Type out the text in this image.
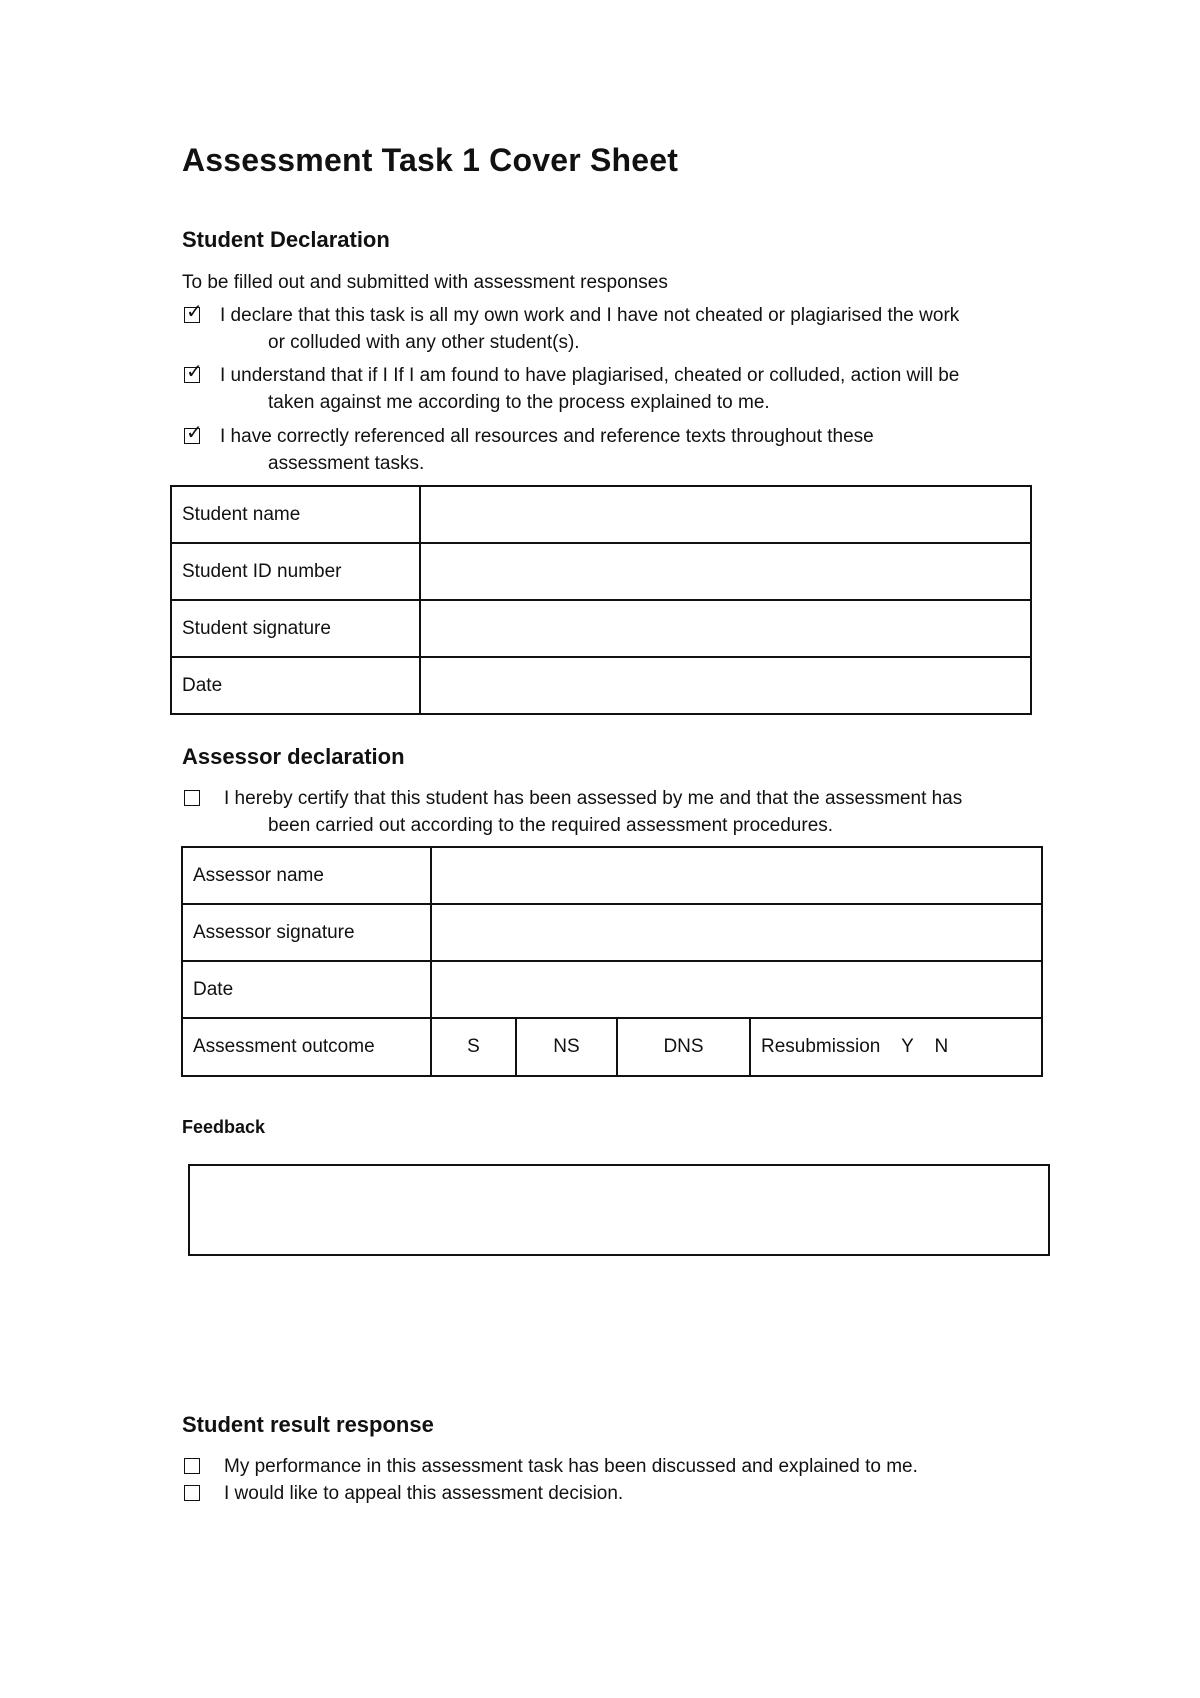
Assessment Task 1 Cover Sheet
Student Declaration
To be filled out and submitted with assessment responses
✓ I declare that this task is all my own work and I have not cheated or plagiarised the work
or colluded with any other student(s).
✓ I understand that if I If I am found to have plagiarised, cheated or colluded, action will be
taken against me according to the process explained to me.
✓ I have correctly referenced all resources and reference texts throughout these
assessment tasks.
Student name	
Student ID number	
Student signature	
Date	
Assessor declaration
I hereby certify that this student has been assessed by me and that the assessment has
been carried out according to the required assessment procedures.
Assessor name				
Assessor signature				
Date				
Assessment outcome	S	NS	DNS	Resubmission    Y    N
Feedback
Student result response
My performance in this assessment task has been discussed and explained to me.
I would like to appeal this assessment decision.
